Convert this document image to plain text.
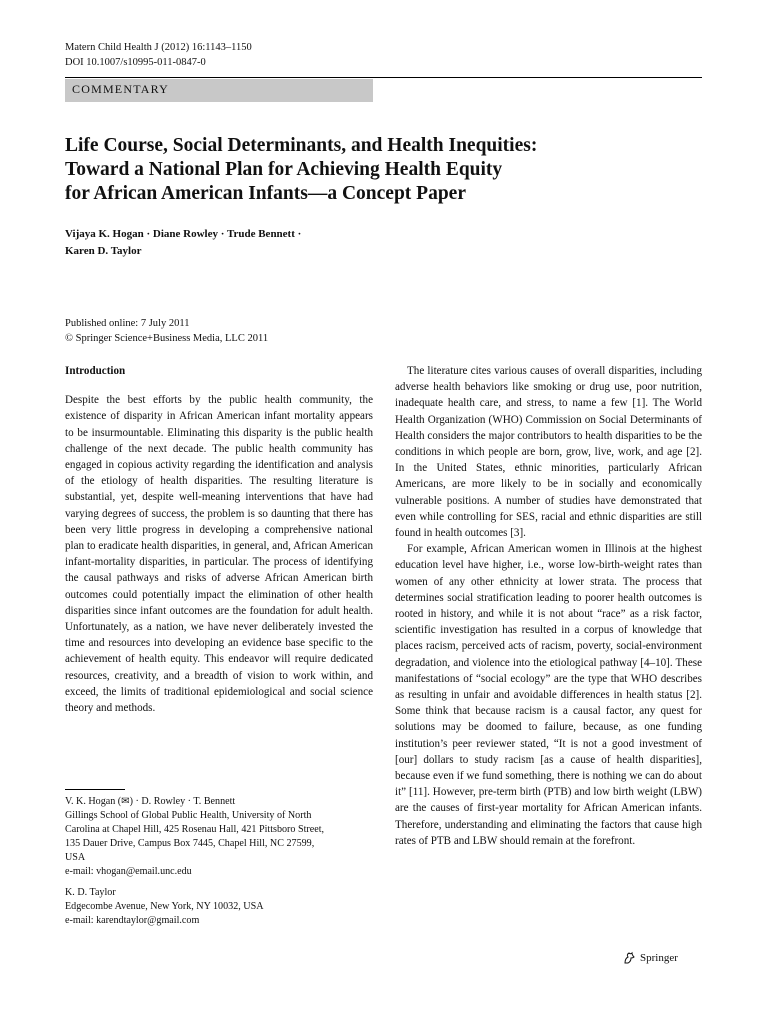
Matern Child Health J (2012) 16:1143–1150
DOI 10.1007/s10995-011-0847-0
COMMENTARY
Life Course, Social Determinants, and Health Inequities:
Toward a National Plan for Achieving Health Equity
for African American Infants—a Concept Paper
Vijaya K. Hogan · Diane Rowley · Trude Bennett ·
Karen D. Taylor
Published online: 7 July 2011
© Springer Science+Business Media, LLC 2011
Introduction

Despite the best efforts by the public health community, the existence of disparity in African American infant mortality appears to be insurmountable. Eliminating this disparity is the public health challenge of the next decade. The public health community has engaged in copious activity regarding the identification and analysis of the etiology of health disparities. The resulting literature is substantial, yet, despite well-meaning interventions that have had varying degrees of success, the problem is so daunting that there has been very little progress in developing a comprehensive national plan to eradicate health disparities, in general, and, African American infant-mortality disparities, in particular. The process of identifying the causal pathways and risks of adverse African American birth outcomes could potentially impact the elimination of other health disparities since infant outcomes are the foundation for adult health. Unfortunately, as a nation, we have never deliberately invested the time and resources into developing an evidence base specific to the achievement of health equity. This endeavor will require dedicated resources, creativity, and a breadth of vision to work within, and exceed, the limits of traditional epidemiological and social science theory and methods.

The literature cites various causes of overall disparities, including adverse health behaviors like smoking or drug use, poor nutrition, inadequate health care, and stress, to name a few [1]. The World Health Organization (WHO) Commission on Social Determinants of Health considers the major contributors to health disparities to be the conditions in which people are born, grow, live, work, and age [2]. In the United States, ethnic minorities, particularly African Americans, are more likely to be in socially and economically vulnerable positions. A number of studies have demonstrated that even while controlling for SES, racial and ethnic disparities are still found in health outcomes [3].

For example, African American women in Illinois at the highest education level have higher, i.e., worse low-birth-weight rates than women of any other ethnicity at lower strata. The process that determines social stratification leading to poorer health outcomes is rooted in history, and while it is not about “race” as a risk factor, scientific investigation has resulted in a corpus of knowledge that places racism, perceived acts of racism, poverty, social-environment degradation, and violence into the etiological pathway [4–10]. These manifestations of “social ecology” are the type that WHO describes as resulting in unfair and avoidable differences in health status [2]. Some think that because racism is a causal factor, any quest for solutions may be doomed to failure, because, as one funding institution’s peer reviewer stated, “It is not a good investment of [our] dollars to study racism [as a cause of health disparities], because even if we fund something, there is nothing we can do about it” [11]. However, pre-term birth (PTB) and low birth weight (LBW) are the causes of first-year mortality for African American infants. Therefore, understanding and eliminating the factors that cause high rates of PTB and LBW should remain at the forefront.

V. K. Hogan (✉) · D. Rowley · T. Bennett
Gillings School of Global Public Health, University of North
Carolina at Chapel Hill, 425 Rosenau Hall, 421 Pittsboro Street,
135 Dauer Drive, Campus Box 7445, Chapel Hill, NC 27599,
USA
e-mail: vhogan@email.unc.edu
K. D. Taylor
Edgecombe Avenue, New York, NY 10032, USA
e-mail: karendtaylor@gmail.com
Springer
